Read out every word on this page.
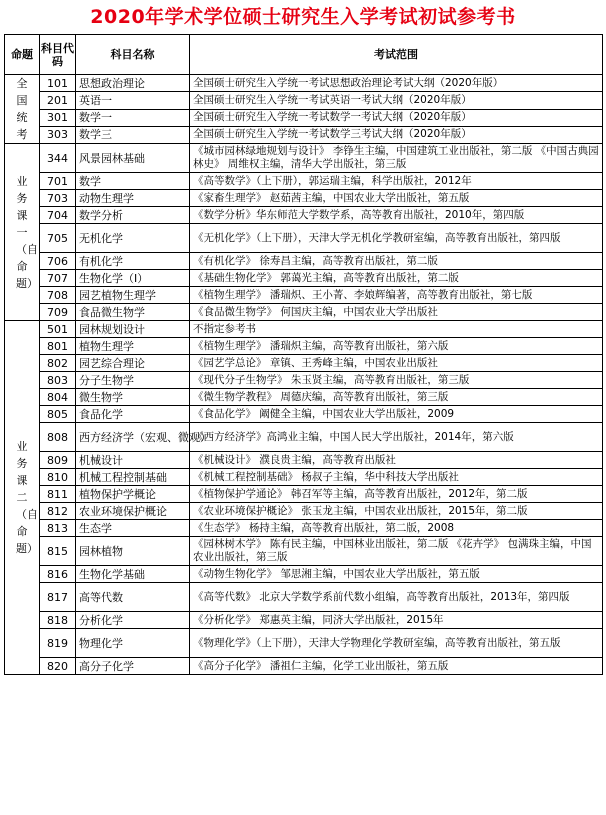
2020年学术学位硕士研究生入学考试初试参考书
命题	科目代码	科目名称	考试范围
全国统考	101	思想政治理论	全国硕士研究生入学统一考试思想政治理论考试大纲（2020年版）
	201	英语一	全国硕士研究生入学统一考试英语一考试大纲（2020年版）
	301	数学一	全国硕士研究生入学统一考试数学一考试大纲（2020年版）
	303	数学三	全国硕士研究生入学统一考试数学三考试大纲（2020年版）
业务课一（自命题）	344	风景园林基础	《城市园林绿地规划与设计》 李铮生主编，中国建筑工业出版社，第二版 《中国古典园林史》 周维权主编，清华大学出版社，第三版
	701	数学	《高等数学》（上下册），郭运瑞主编，科学出版社，2012年
	703	动物生理学	《家畜生理学》 赵茹茜主编，中国农业大学出版社，第五版
	704	数学分析	《数学分析》华东师范大学数学系，高等教育出版社，2010年，第四版
	705	无机化学	《无机化学》（上下册），天津大学无机化学教研室编，高等教育出版社，第四版
	706	有机化学	《有机化学》 徐寿昌主编，高等教育出版社，第二版
	707	生物化学（Ⅰ）	《基础生物化学》 郭蔼光主编，高等教育出版社，第二版
	708	园艺植物生理学	《植物生理学》 潘瑞炽、王小菁、李娘辉编著，高等教育出版社，第七版
	709	食品微生物学	《食品微生物学》 何国庆主编，中国农业大学出版社
业务课二（自命题）	501	园林规划设计	不指定参考书
	801	植物生理学	《植物生理学》 潘瑞炽主编，高等教育出版社，第六版
	802	园艺综合理论	《园艺学总论》 章镇、王秀峰主编，中国农业出版社
	803	分子生物学	《现代分子生物学》 朱玉贤主编，高等教育出版社，第三版
	804	微生物学	《微生物学教程》 周德庆编，高等教育出版社，第三版
	805	食品化学	《食品化学》 阚健全主编，中国农业大学出版社，2009
	808	西方经济学（宏观、微观）	《西方经济学》高鸿业主编，中国人民大学出版社，2014年，第六版
	809	机械设计	《机械设计》 濮良贵主编，高等教育出版社
	810	机械工程控制基础	《机械工程控制基础》 杨叔子主编，华中科技大学出版社
	811	植物保护学概论	《植物保护学通论》 韩召军等主编，高等教育出版社，2012年，第二版
	812	农业环境保护概论	《农业环境保护概论》 张玉龙主编，中国农业出版社，2015年，第二版
	813	生态学	《生态学》 杨持主编，高等教育出版社，第二版，2008
	815	园林植物	《园林树木学》 陈有民主编，中国林业出版社，第二版 《花卉学》 包满珠主编，中国农业出版社，第三版
	816	生物化学基础	《动物生物化学》 邹思湘主编，中国农业大学出版社，第五版
	817	高等代数	《高等代数》 北京大学数学系前代数小组编，高等教育出版社，2013年，第四版
	818	分析化学	《分析化学》 郑惠英主编，同济大学出版社，2015年
	819	物理化学	《物理化学》（上下册），天津大学物理化学教研室编，高等教育出版社，第五版
	820	高分子化学	《高分子化学》 潘祖仁主编，化学工业出版社，第五版
